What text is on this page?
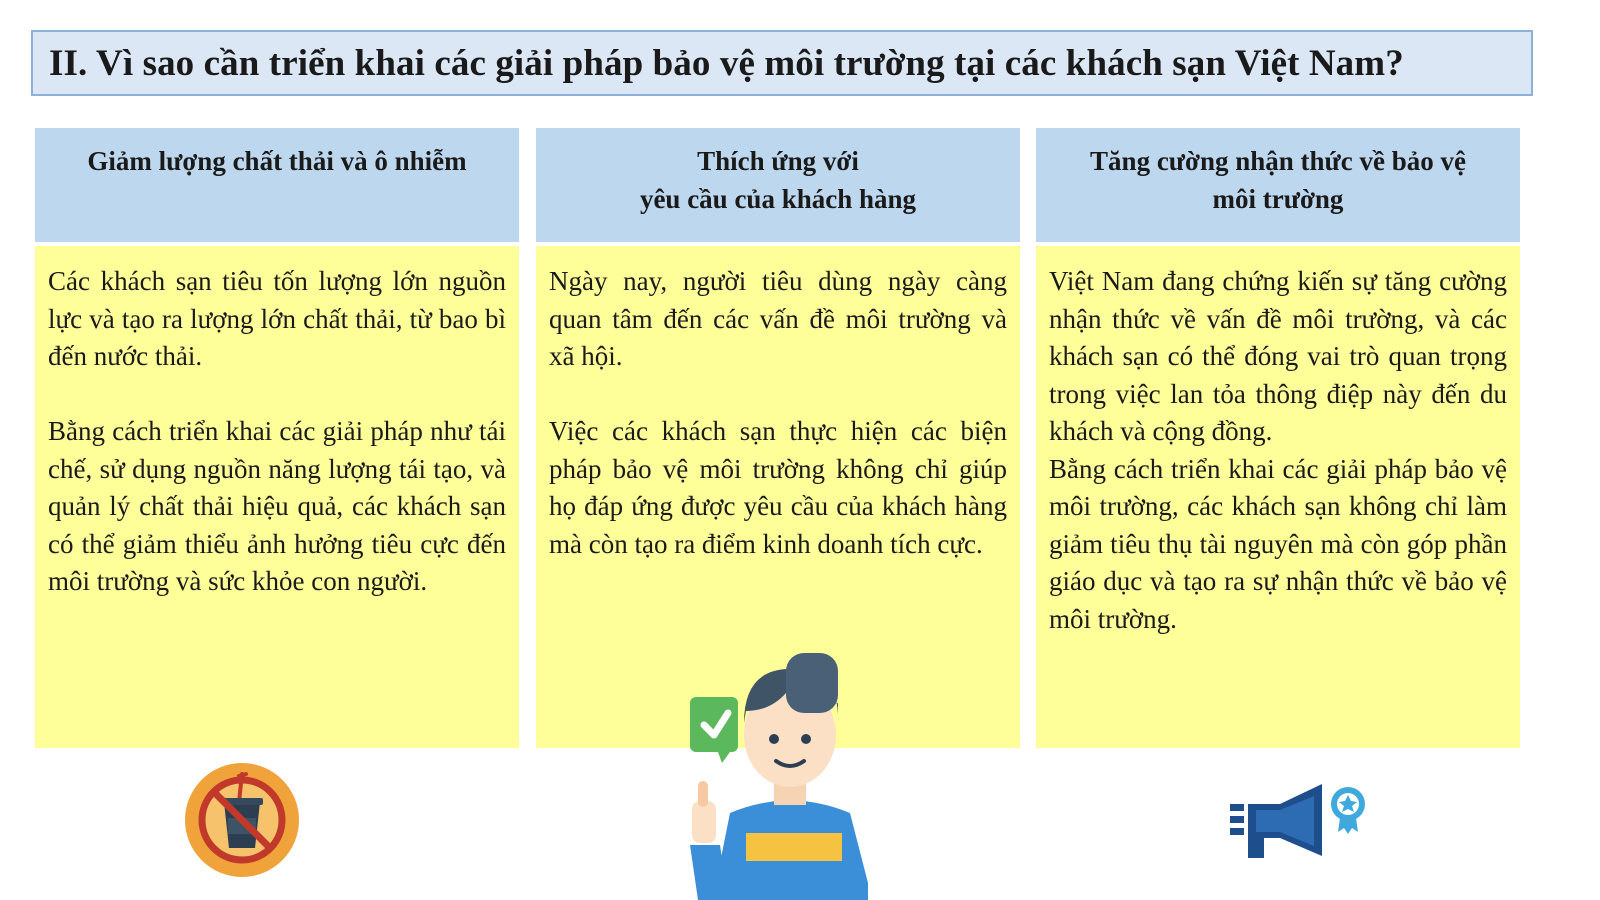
II. Vì sao cần triển khai các giải pháp bảo vệ môi trường tại các khách sạn Việt Nam?
Giảm lượng chất thải và ô nhiễm

Các khách sạn tiêu tốn lượng lớn nguồn lực và tạo ra lượng lớn chất thải, từ bao bì đến nước thải.

Bằng cách triển khai các giải pháp như tái chế, sử dụng nguồn năng lượng tái tạo, và quản lý chất thải hiệu quả, các khách sạn có thể giảm thiểu ảnh hưởng tiêu cực đến môi trường và sức khỏe con người.

Thích ứng với
yêu cầu của khách hàng

Ngày nay, người tiêu dùng ngày càng quan tâm đến các vấn đề môi trường và xã hội.

Việc các khách sạn thực hiện các biện pháp bảo vệ môi trường không chỉ giúp họ đáp ứng được yêu cầu của khách hàng mà còn tạo ra điểm kinh doanh tích cực.

Tăng cường nhận thức về bảo vệ
môi trường

Việt Nam đang chứng kiến sự tăng cường nhận thức về vấn đề môi trường, và các khách sạn có thể đóng vai trò quan trọng trong việc lan tỏa thông điệp này đến du khách và cộng đồng.

Bằng cách triển khai các giải pháp bảo vệ môi trường, các khách sạn không chỉ làm giảm tiêu thụ tài nguyên mà còn góp phần giáo dục và tạo ra sự nhận thức về bảo vệ môi trường.
